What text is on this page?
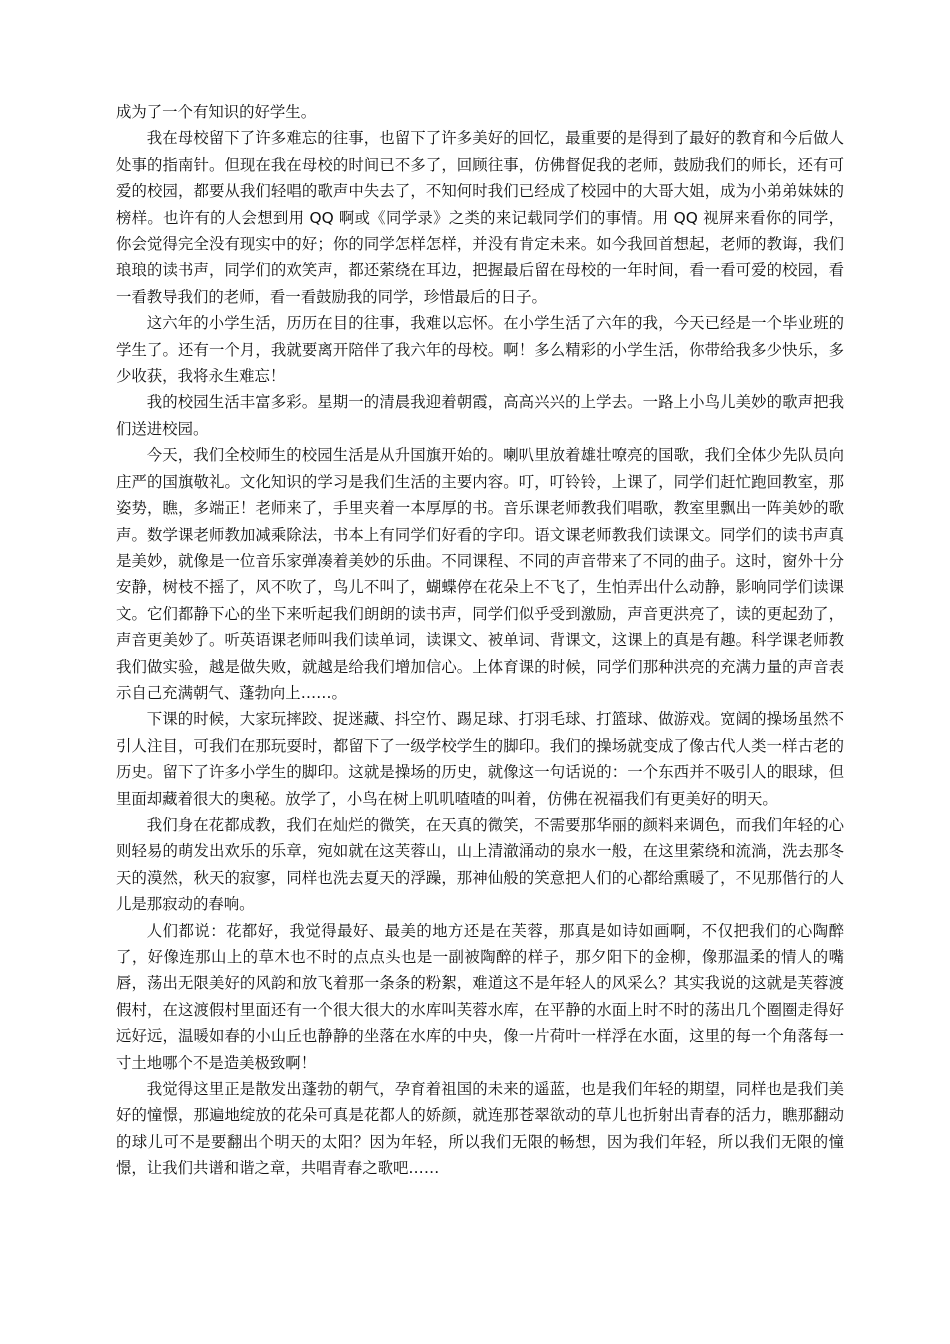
成为了一个有知识的好学生。

我在母校留下了许多难忘的往事，也留下了许多美好的回忆，最重要的是得到了最好的教育和今后做人处事的指南针。但现在我在母校的时间已不多了，回顾往事，仿佛督促我的老师，鼓励我们的师长，还有可爱的校园，都要从我们轻唱的歌声中失去了，不知何时我们已经成了校园中的大哥大姐，成为小弟弟妹妹的榜样。也许有的人会想到用 QQ 啊或《同学录》之类的来记载同学们的事情。用 QQ 视屏来看你的同学，你会觉得完全没有现实中的好；你的同学怎样怎样，并没有肯定未来。如今我回首想起，老师的教诲，我们琅琅的读书声，同学们的欢笑声，都还萦绕在耳边，把握最后留在母校的一年时间，看一看可爱的校园，看一看教导我们的老师，看一看鼓励我的同学，珍惜最后的日子。

这六年的小学生活，历历在目的往事，我难以忘怀。在小学生活了六年的我，今天已经是一个毕业班的学生了。还有一个月，我就要离开陪伴了我六年的母校。啊！多么精彩的小学生活，你带给我多少快乐，多少收获，我将永生难忘！

我的校园生活丰富多彩。星期一的清晨我迎着朝霞，高高兴兴的上学去。一路上小鸟儿美妙的歌声把我们送进校园。

今天，我们全校师生的校园生活是从升国旗开始的。喇叭里放着雄壮嘹亮的国歌，我们全体少先队员向庄严的国旗敬礼。文化知识的学习是我们生活的主要内容。叮，叮铃铃，上课了，同学们赶忙跑回教室，那姿势，瞧，多端正！老师来了，手里夹着一本厚厚的书。音乐课老师教我们唱歌，教室里飘出一阵美妙的歌声。数学课老师教加减乘除法，书本上有同学们好看的字印。语文课老师教我们读课文。同学们的读书声真是美妙，就像是一位音乐家弹凑着美妙的乐曲。不同课程、不同的声音带来了不同的曲子。这时，窗外十分安静，树枝不摇了，风不吹了，鸟儿不叫了，蝴蝶停在花朵上不飞了，生怕弄出什么动静，影响同学们读课文。它们都静下心的坐下来听起我们朗朗的读书声，同学们似乎受到激励，声音更洪亮了，读的更起劲了，声音更美妙了。听英语课老师叫我们读单词，读课文、被单词、背课文，这课上的真是有趣。科学课老师教我们做实验，越是做失败，就越是给我们增加信心。上体育课的时候，同学们那种洪亮的充满力量的声音表示自己充满朝气、蓬勃向上……。

下课的时候，大家玩摔跤、捉迷藏、抖空竹、踢足球、打羽毛球、打篮球、做游戏。宽阔的操场虽然不引人注目，可我们在那玩耍时，都留下了一级学校学生的脚印。我们的操场就变成了像古代人类一样古老的历史。留下了许多小学生的脚印。这就是操场的历史，就像这一句话说的：一个东西并不吸引人的眼球，但里面却藏着很大的奥秘。放学了，小鸟在树上叽叽喳喳的叫着，仿佛在祝福我们有更美好的明天。

我们身在花都成教，我们在灿烂的微笑，在天真的微笑，不需要那华丽的颜料来调色，而我们年轻的心则轻易的萌发出欢乐的乐章，宛如就在这芙蓉山，山上清澈涌动的泉水一般，在这里萦绕和流淌，洗去那冬天的漠然，秋天的寂寥，同样也洗去夏天的浮躁，那神仙般的笑意把人们的心都给熏暖了，不见那偕行的人儿是那寂动的春响。

人们都说：花都好，我觉得最好、最美的地方还是在芙蓉，那真是如诗如画啊，不仅把我们的心陶醉了，好像连那山上的草木也不时的点点头也是一副被陶醉的样子，那夕阳下的金柳，像那温柔的情人的嘴唇，荡出无限美好的风韵和放飞着那一条条的粉絮，难道这不是年轻人的风采么？其实我说的这就是芙蓉渡假村，在这渡假村里面还有一个很大很大的水库叫芙蓉水库，在平静的水面上时不时的荡出几个圈圈走得好远好远，温暖如春的小山丘也静静的坐落在水库的中央，像一片荷叶一样浮在水面，这里的每一个角落每一寸土地哪个不是造美极致啊！

我觉得这里正是散发出蓬勃的朝气，孕育着祖国的未来的遥蓝，也是我们年轻的期望，同样也是我们美好的憧憬，那遍地绽放的花朵可真是花都人的娇颜，就连那苍翠欲动的草儿也折射出青春的活力，瞧那翻动的球儿可不是要翻出个明天的太阳？因为年轻，所以我们无限的畅想，因为我们年轻，所以我们无限的憧憬，让我们共谱和谐之章，共唱青春之歌吧……
